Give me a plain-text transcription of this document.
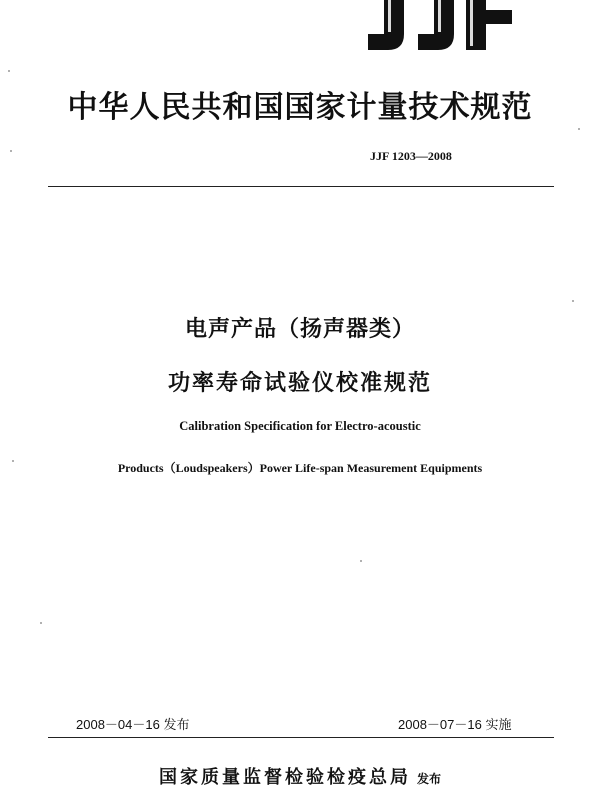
中华人民共和国国家计量技术规范
JJF 1203—2008
电声产品（扬声器类）
功率寿命试验仪校准规范
Calibration Specification for Electro-acoustic
Products（Loudspeakers）Power Life-span Measurement Equipments
2008－04－16 发布	2008－07－16 实施
国家质量监督检验检疫总局 发布
